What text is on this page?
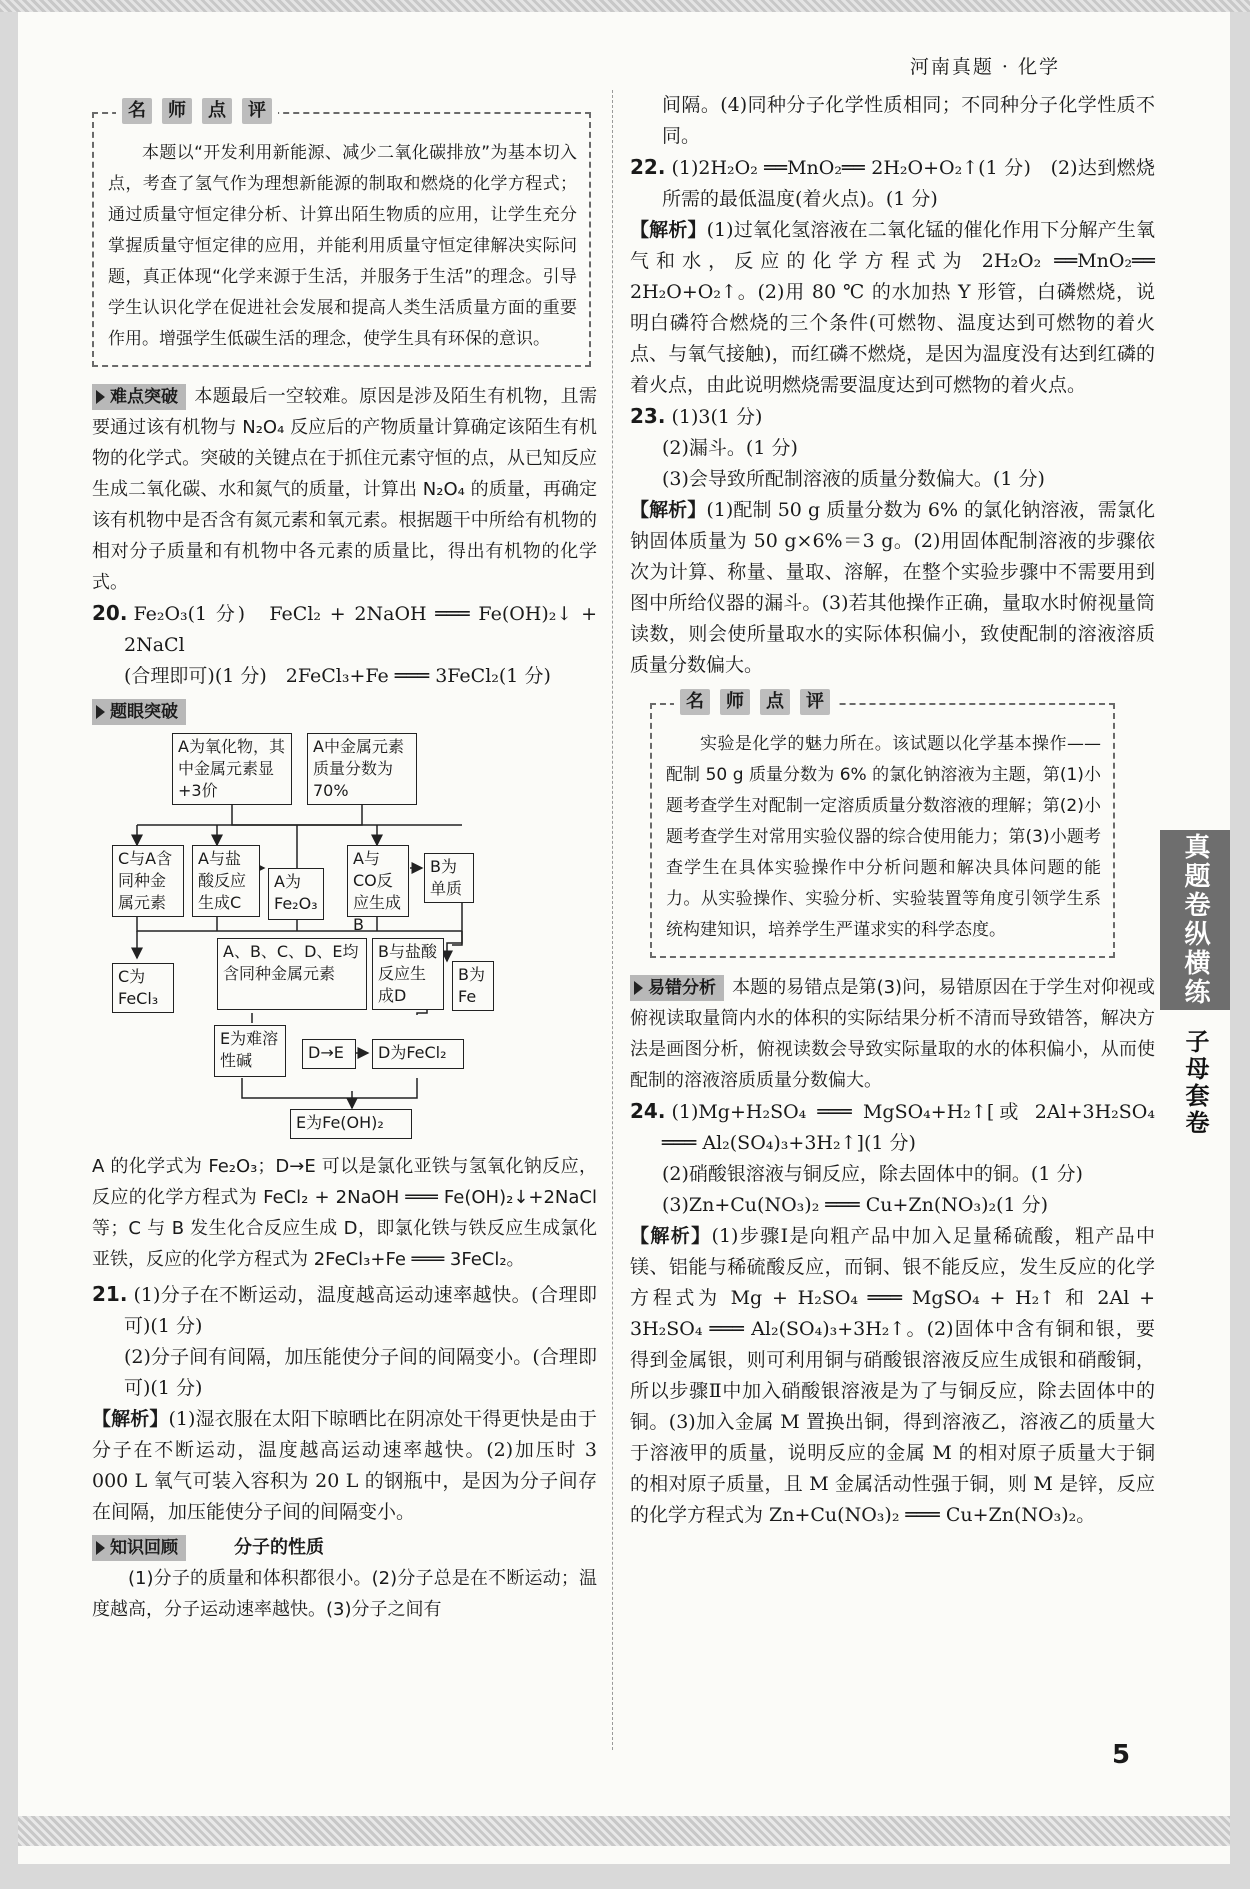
河南真题 · 化学
名	师	点	评

本题以“开发利用新能源、减少二氧化碳排放”为基本切入点，考查了氢气作为理想新能源的制取和燃烧的化学方程式；通过质量守恒定律分析、计算出陌生物质的应用，让学生充分掌握质量守恒定律的应用，并能利用质量守恒定律解决实际问题，真正体现“化学来源于生活，并服务于生活”的理念。引导学生认识化学在促进社会发展和提高人类生活质量方面的重要作用。增强学生低碳生活的理念，使学生具有环保的意识。

难点突破 本题最后一空较难。原因是涉及陌生有机物，且需要通过该有机物与 N₂O₄ 反应后的产物质量计算确定该陌生有机物的化学式。突破的关键点在于抓住元素守恒的点，从已知反应生成二氧化碳、水和氮气的质量，计算出 N₂O₄ 的质量，再确定该有机物中是否含有氮元素和氧元素。根据题干中所给有机物的相对分子质量和有机物中各元素的质量比，得出有机物的化学式。

20. Fe₂O₃(1 分)　FeCl₂ + 2NaOH ═══ Fe(OH)₂↓ + 2NaCl

(合理即可)(1 分)　2FeCl₃+Fe ═══ 3FeCl₂(1 分)

题眼突破

A为氧化物，其中金属元素显+3价
A中金属元素质量分数为70%
C与A含同种金属元素
A与盐酸反应生成C
A为Fe₂O₃
A与CO反应生成B
B为单质
A、B、C、D、E均含同种金属元素
B与盐酸反应生成D
B为Fe
C为FeCl₃
E为难溶性碱	D→E	D为FeCl₂
E为Fe(OH)₂

A 的化学式为 Fe₂O₃；D→E 可以是氯化亚铁与氢氧化钠反应，反应的化学方程式为 FeCl₂ + 2NaOH ═══ Fe(OH)₂↓+2NaCl 等；C 与 B 发生化合反应生成 D，即氯化铁与铁反应生成氯化亚铁，反应的化学方程式为 2FeCl₃+Fe ═══ 3FeCl₂。

21. (1)分子在不断运动，温度越高运动速率越快。(合理即可)(1 分)

(2)分子间有间隔，加压能使分子间的间隔变小。(合理即可)(1 分)

【解析】(1)湿衣服在太阳下晾晒比在阴凉处干得更快是由于分子在不断运动，温度越高运动速率越快。(2)加压时 3 000 L 氧气可装入容积为 20 L 的钢瓶中，是因为分子间存在间隔，加压能使分子间的间隔变小。

知识回顾	分子的性质

(1)分子的质量和体积都很小。(2)分子总是在不断运动；温度越高，分子运动速率越快。(3)分子之间有

间隔。(4)同种分子化学性质相同；不同种分子化学性质不同。

22. (1)2H₂O₂ ══MnO₂══ 2H₂O+O₂↑(1 分)　(2)达到燃烧所需的最低温度(着火点)。(1 分)

【解析】(1)过氧化氢溶液在二氧化锰的催化作用下分解产生氧气和水，反应的化学方程式为 2H₂O₂ ══MnO₂══ 2H₂O+O₂↑。(2)用 80 ℃ 的水加热 Y 形管，白磷燃烧，说明白磷符合燃烧的三个条件(可燃物、温度达到可燃物的着火点、与氧气接触)，而红磷不燃烧，是因为温度没有达到红磷的着火点，由此说明燃烧需要温度达到可燃物的着火点。

23. (1)3(1 分)

(2)漏斗。(1 分)

(3)会导致所配制溶液的质量分数偏大。(1 分)

【解析】(1)配制 50 g 质量分数为 6% 的氯化钠溶液，需氯化钠固体质量为 50 g×6%＝3 g。(2)用固体配制溶液的步骤依次为计算、称量、量取、溶解，在整个实验步骤中不需要用到图中所给仪器的漏斗。(3)若其他操作正确，量取水时俯视量筒读数，则会使所量取水的实际体积偏小，致使配制的溶液溶质质量分数偏大。

名	师	点	评

实验是化学的魅力所在。该试题以化学基本操作——配制 50 g 质量分数为 6% 的氯化钠溶液为主题，第(1)小题考查学生对配制一定溶质质量分数溶液的理解；第(2)小题考查学生对常用实验仪器的综合使用能力；第(3)小题考查学生在具体实验操作中分析问题和解决具体问题的能力。从实验操作、实验分析、实验装置等角度引领学生系统构建知识，培养学生严谨求实的科学态度。

易错分析 本题的易错点是第(3)问，易错原因在于学生对仰视或俯视读取量筒内水的体积的实际结果分析不清而导致错答，解决方法是画图分析，俯视读数会导致实际量取的水的体积偏小，从而使配制的溶液溶质质量分数偏大。

24. (1)Mg+H₂SO₄ ═══ MgSO₄+H₂↑[或 2Al+3H₂SO₄ ═══ Al₂(SO₄)₃+3H₂↑](1 分)

(2)硝酸银溶液与铜反应，除去固体中的铜。(1 分)

(3)Zn+Cu(NO₃)₂ ═══ Cu+Zn(NO₃)₂(1 分)

【解析】(1)步骤Ⅰ是向粗产品中加入足量稀硫酸，粗产品中镁、铝能与稀硫酸反应，而铜、银不能反应，发生反应的化学方程式为 Mg + H₂SO₄ ═══ MgSO₄ + H₂↑ 和 2Al + 3H₂SO₄ ═══ Al₂(SO₄)₃+3H₂↑。(2)固体中含有铜和银，要得到金属银，则可利用铜与硝酸银溶液反应生成银和硝酸铜，所以步骤Ⅱ中加入硝酸银溶液是为了与铜反应，除去固体中的铜。(3)加入金属 M 置换出铜，得到溶液乙，溶液乙的质量大于溶液甲的质量，说明反应的金属 M 的相对原子质量大于铜的相对原子质量，且 M 金属活动性强于铜，则 M 是锌，反应的化学方程式为 Zn+Cu(NO₃)₂ ═══ Cu+Zn(NO₃)₂。

真题卷纵横练
子母套卷
5
